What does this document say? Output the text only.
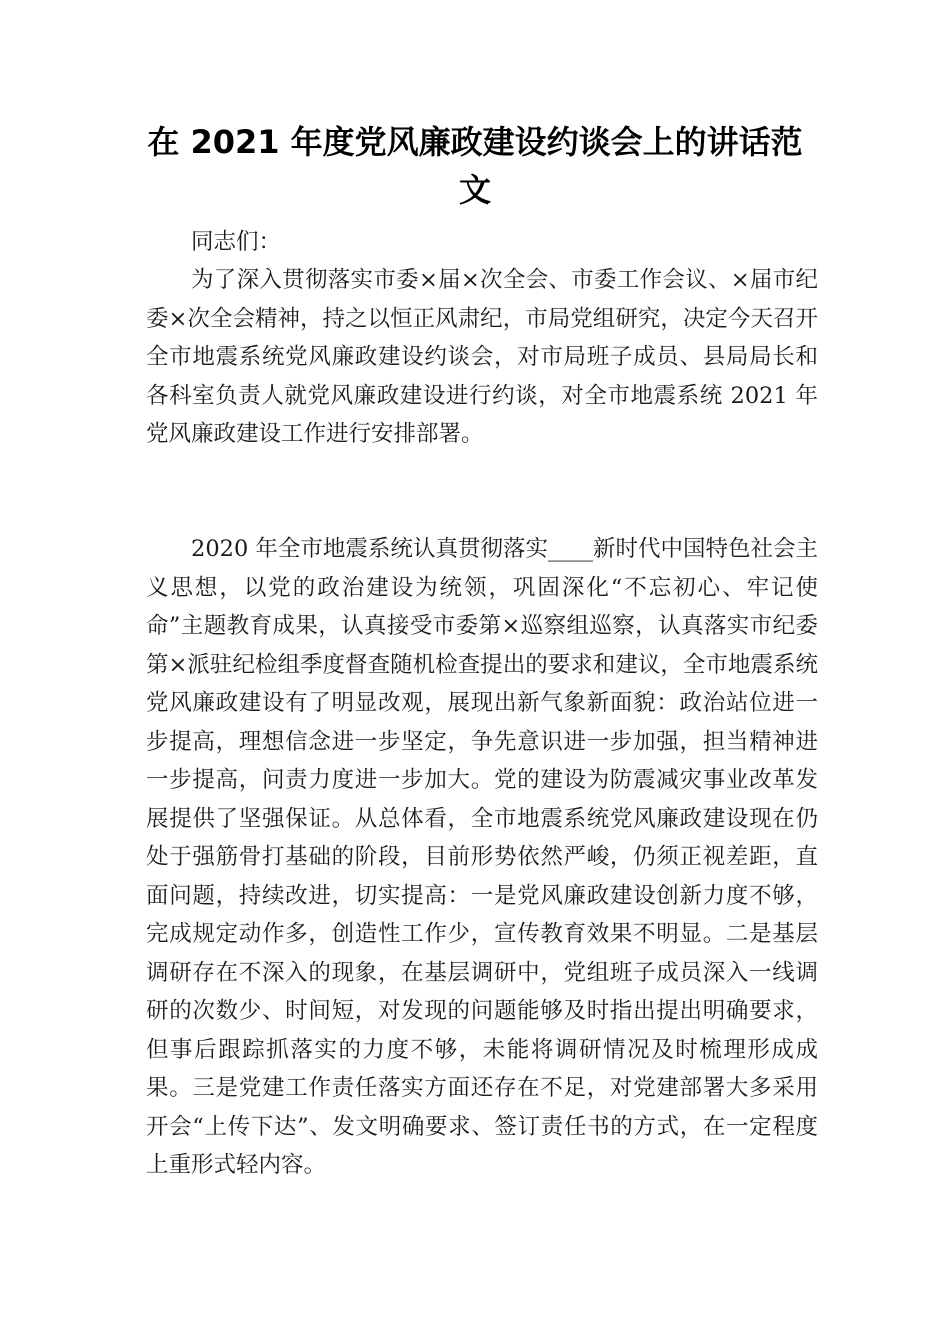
在 2021 年度党风廉政建设约谈会上的讲话范文

同志们：

为了深入贯彻落实市委×届×次全会、市委工作会议、×届市纪委×次全会精神，持之以恒正风肃纪，市局党组研究，决定今天召开全市地震系统党风廉政建设约谈会，对市局班子成员、县局局长和各科室负责人就党风廉政建设进行约谈，对全市地震系统 2021 年党风廉政建设工作进行安排部署。

2020 年全市地震系统认真贯彻落实____新时代中国特色社会主义思想，以党的政治建设为统领，巩固深化“不忘初心、牢记使命”主题教育成果，认真接受市委第×巡察组巡察，认真落实市纪委第×派驻纪检组季度督查随机检查提出的要求和建议，全市地震系统党风廉政建设有了明显改观，展现出新气象新面貌：政治站位进一步提高，理想信念进一步坚定，争先意识进一步加强，担当精神进一步提高，问责力度进一步加大。党的建设为防震减灾事业改革发展提供了坚强保证。从总体看，全市地震系统党风廉政建设现在仍处于强筋骨打基础的阶段，目前形势依然严峻，仍须正视差距，直面问题，持续改进，切实提高：一是党风廉政建设创新力度不够，完成规定动作多，创造性工作少，宣传教育效果不明显。二是基层调研存在不深入的现象，在基层调研中，党组班子成员深入一线调研的次数少、时间短，对发现的问题能够及时指出提出明确要求，但事后跟踪抓落实的力度不够，未能将调研情况及时梳理形成成果。三是党建工作责任落实方面还存在不足，对党建部署大多采用开会“上传下达”、发文明确要求、签订责任书的方式，在一定程度上重形式轻内容。
